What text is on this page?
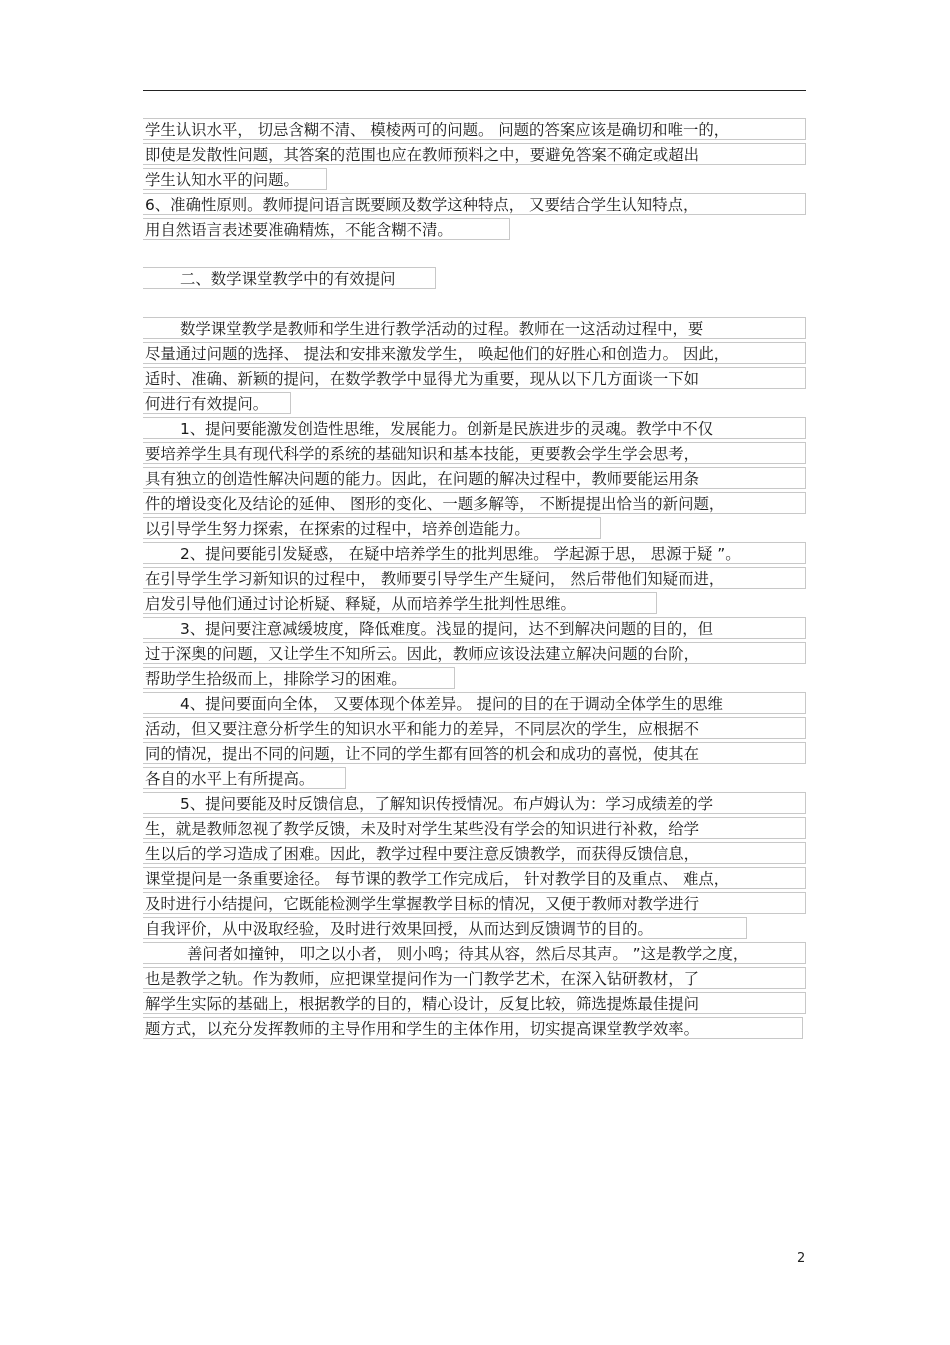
学生认识水平， 切忌含糊不清、 模棱两可的问题。 问题的答案应该是确切和唯一的，
即使是发散性问题，其答案的范围也应在教师预料之中，要避免答案不确定或超出
学生认知水平的问题。
6、准确性原则。教师提问语言既要顾及数学这种特点， 又要结合学生认知特点，
用自然语言表述要准确精炼，不能含糊不清。
二、数学课堂教学中的有效提问
数学课堂教学是教师和学生进行教学活动的过程。教师在一这活动过程中，要
尽量通过问题的选择、 提法和安排来激发学生， 唤起他们的好胜心和创造力。 因此，
适时、准确、新颖的提问，在数学教学中显得尤为重要，现从以下几方面谈一下如
何进行有效提问。
1、提问要能激发创造性思维，发展能力。创新是民族进步的灵魂。教学中不仅
要培养学生具有现代科学的系统的基础知识和基本技能，更要教会学生学会思考，
具有独立的创造性解决问题的能力。因此，在问题的解决过程中，教师要能运用条
件的增设变化及结论的延伸、 图形的变化、一题多解等， 不断提提出恰当的新问题，
以引导学生努力探索，在探索的过程中，培养创造能力。
2、提问要能引发疑惑， 在疑中培养学生的批判思维。 学起源于思， 思源于疑 ”。
在引导学生学习新知识的过程中， 教师要引导学生产生疑问， 然后带他们知疑而进，
启发引导他们通过讨论析疑、释疑，从而培养学生批判性思维。
3、提问要注意减缓坡度，降低难度。浅显的提问，达不到解决问题的目的，但
过于深奥的问题，又让学生不知所云。因此，教师应该设法建立解决问题的台阶，
帮助学生拾级而上，排除学习的困难。
4、提问要面向全体， 又要体现个体差异。 提问的目的在于调动全体学生的思维
活动，但又要注意分析学生的知识水平和能力的差异，不同层次的学生，应根据不
同的情况，提出不同的问题，让不同的学生都有回答的机会和成功的喜悦，使其在
各自的水平上有所提高。
5、提问要能及时反馈信息，了解知识传授情况。布卢姆认为：学习成绩差的学
生，就是教师忽视了教学反馈，未及时对学生某些没有学会的知识进行补救，给学
生以后的学习造成了困难。因此，教学过程中要注意反馈教学，而获得反馈信息，
课堂提问是一条重要途径。 每节课的教学工作完成后， 针对教学目的及重点、 难点，
及时进行小结提问，它既能检测学生掌握教学目标的情况，又便于教师对教学进行
自我评价，从中汲取经验，及时进行效果回授，从而达到反馈调节的目的。
善问者如撞钟， 叩之以小者， 则小鸣；待其从容，然后尽其声。 ”这是教学之度，
也是教学之轨。作为教师，应把课堂提问作为一门教学艺术，在深入钻研教材，了
解学生实际的基础上，根据教学的目的，精心设计，反复比较，筛选提炼最佳提问
题方式，以充分发挥教师的主导作用和学生的主体作用，切实提高课堂教学效率。
2
